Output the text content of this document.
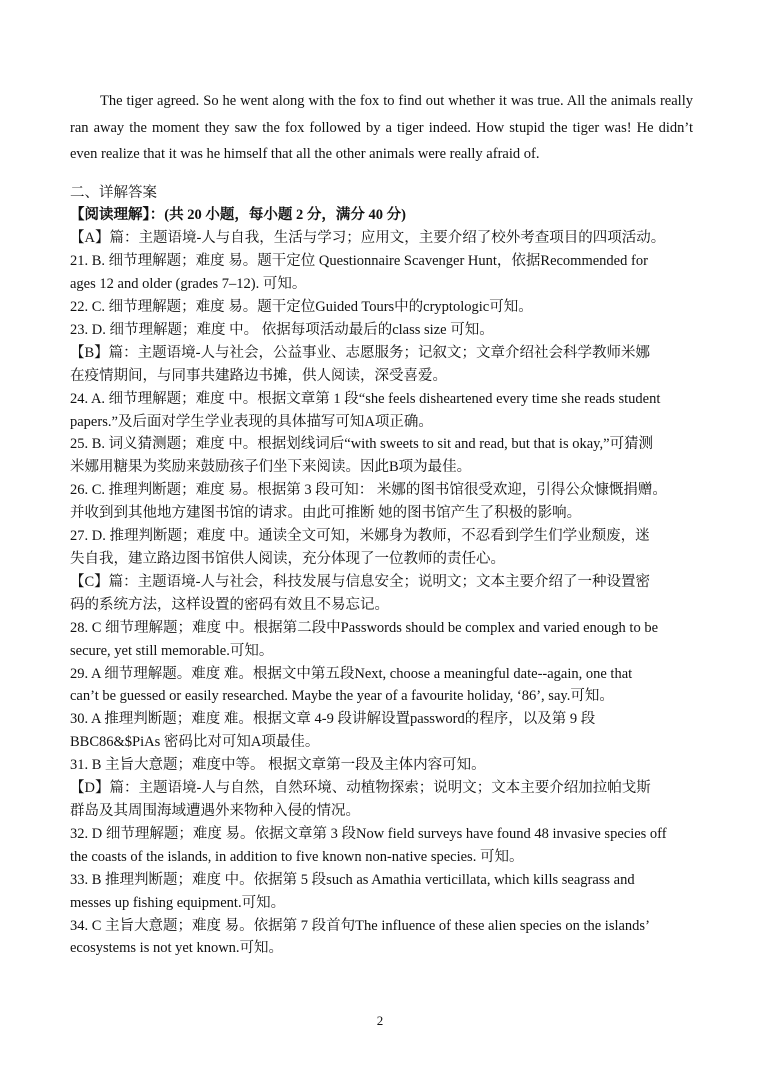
The tiger agreed. So he went along with the fox to find out whether it was true. All the animals really ran away the moment they saw the fox followed by a tiger indeed. How stupid the tiger was! He didn’t even realize that it was he himself that all the other animals were really afraid of.

二、详解答案

【阅读理解】：(共 20 小题，每小题 2 分，满分 40 分)

【A】篇：主题语境-人与自我，生活与学习；应用文，主要介绍了校外考查项目的四项活动。

21. B. 细节理解题；难度 易。题干定位 Questionnaire Scavenger Hunt，依据Recommended for

ages 12 and older (grades 7–12). 可知。

22. C. 细节理解题；难度 易。题干定位Guided Tours中的cryptologic可知。

23. D. 细节理解题；难度 中。 依据每项活动最后的class size 可知。

【B】篇：主题语境-人与社会，公益事业、志愿服务；记叙文；文章介绍社会科学教师米娜

在疫情期间，与同事共建路边书摊，供人阅读，深受喜爱。

24. A. 细节理解题；难度 中。根据文章第 1 段“she feels disheartened every time she reads student

papers.”及后面对学生学业表现的具体描写可知A项正确。

25. B. 词义猜测题；难度 中。根据划线词后“with sweets to sit and read, but that is okay,”可猜测

米娜用糖果为奖励来鼓励孩子们坐下来阅读。因此B项为最佳。

26. C. 推理判断题；难度 易。根据第 3 段可知： 米娜的图书馆很受欢迎，引得公众慷慨捐赠。

并收到到其他地方建图书馆的请求。由此可推断 她的图书馆产生了积极的影响。

27. D. 推理判断题；难度 中。通读全文可知，米娜身为教师，不忍看到学生们学业颓废，迷

失自我，建立路边图书馆供人阅读，充分体现了一位教师的责任心。

【C】篇：主题语境-人与社会，科技发展与信息安全；说明文；文本主要介绍了一种设置密

码的系统方法，这样设置的密码有效且不易忘记。

28. C 细节理解题；难度 中。根据第二段中Passwords should be complex and varied enough to be

secure, yet still memorable.可知。

29. A 细节理解题。难度 难。根据文中第五段Next, choose a meaningful date--again, one that

can’t be guessed or easily researched. Maybe the year of a favourite holiday, ‘86’, say.可知。

30. A 推理判断题；难度 难。根据文章 4-9 段讲解设置password的程序，以及第 9 段

BBC86&$PiAs 密码比对可知A项最佳。

31. B 主旨大意题；难度中等。 根据文章第一段及主体内容可知。

【D】篇：主题语境-人与自然，自然环境、动植物探索；说明文；文本主要介绍加拉帕戈斯

群岛及其周围海域遭遇外来物种入侵的情况。

32. D 细节理解题；难度 易。依据文章第 3 段Now field surveys have found 48 invasive species off

the coasts of the islands, in addition to five known non-native species. 可知。

33. B 推理判断题；难度 中。依据第 5 段such as Amathia verticillata, which kills seagrass and

messes up fishing equipment.可知。

34. C 主旨大意题；难度 易。依据第 7 段首句The influence of these alien species on the islands’

ecosystems is not yet known.可知。

2
